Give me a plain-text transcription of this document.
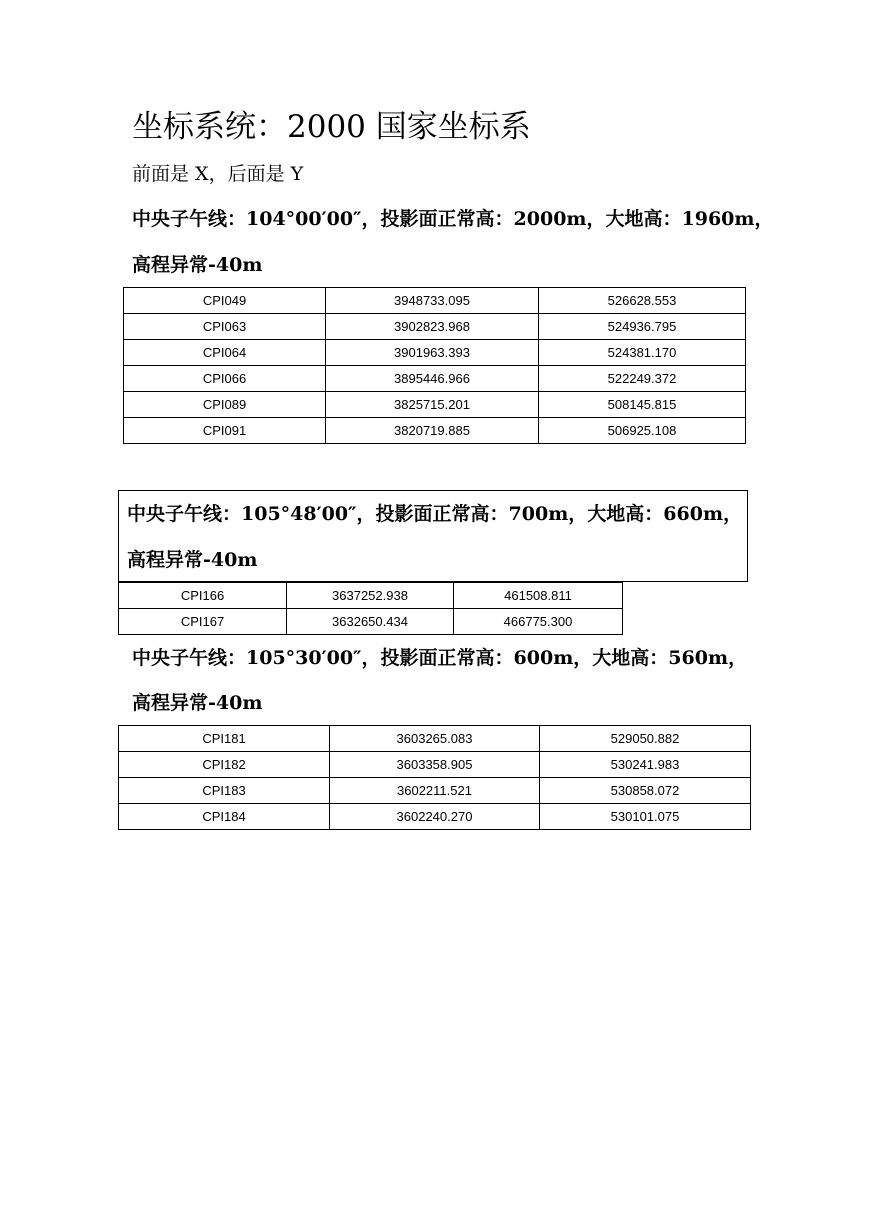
坐标系统：2000 国家坐标系
前面是 X，后面是 Y
中央子午线：104°00′00″，投影面正常高：2000m，大地高：1960m，
高程异常-40m
CPI049	3948733.095	526628.553
CPI063	3902823.968	524936.795
CPI064	3901963.393	524381.170
CPI066	3895446.966	522249.372
CPI089	3825715.201	508145.815
CPI091	3820719.885	506925.108
中央子午线：105°48′00″，投影面正常高：700m，大地高：660m，
高程异常-40m
CPI166	3637252.938	461508.811
CPI167	3632650.434	466775.300
中央子午线：105°30′00″，投影面正常高：600m，大地高：560m，
高程异常-40m
CPI181	3603265.083	529050.882
CPI182	3603358.905	530241.983
CPI183	3602211.521	530858.072
CPI184	3602240.270	530101.075
